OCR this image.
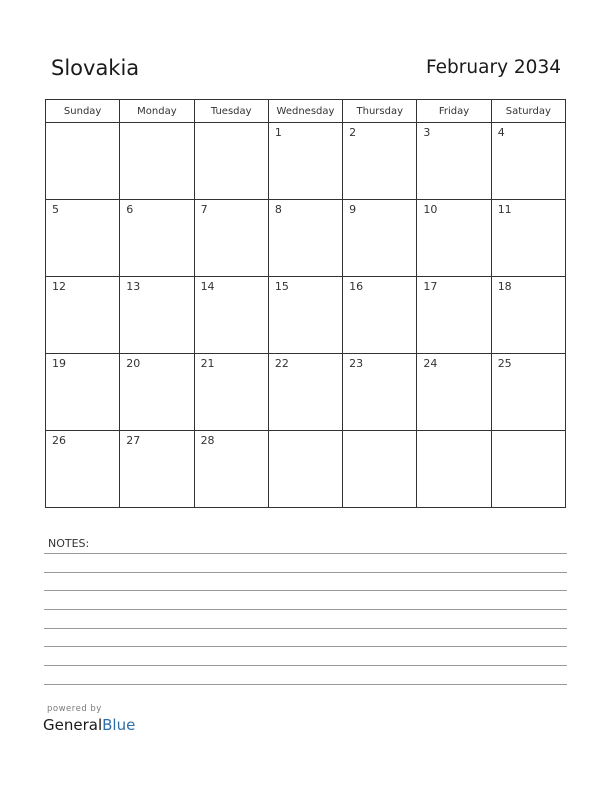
Slovakia	February 2034
Sunday	Monday	Tuesday	Wednesday	Thursday	Friday	Saturday

			1	2	3	4

5	6	7	8	9	10	11

12	13	14	15	16	17	18

19	20	21	22	23	24	25

26	27	28				

NOTES:
powered by
GeneralBlue
